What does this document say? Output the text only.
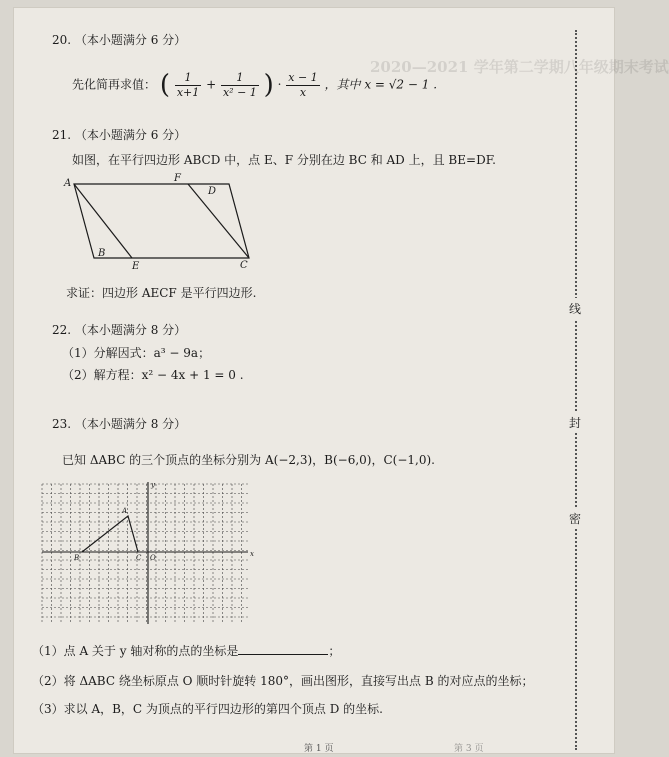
2020—2021 学年第二学期八年级期末考试
20. （本小题满分 6 分）
先化简再求值： ( $\frac{1}{x+1} + \frac{1}{\text{x² − 1}}$ ) · $\frac{x - 1}{x}$ ，其中 x = √2 − 1 .
21. （本小题满分 6 分）
如图，在平行四边形 ABCD 中，点 E、F 分别在边 BC 和 AD 上，且 BE=DF.
A	F
D
B
E	C
求证：四边形 AECF 是平行四边形.
22. （本小题满分 8 分）
（1）分解因式：a³ − 9a；
（2）解方程：x² − 4x + 1 = 0 .
23. （本小题满分 8 分）
已知 ΔABC 的三个顶点的坐标分别为 A(−2,3)，B(−6,0)，C(−1,0).
y
x
O
A
B	C
（1）点 A 关于 y 轴对称的点的坐标是	；
（2）将 ΔABC 绕坐标原点 O 顺时针旋转 180°，画出图形，直接写出点 B 的对应点的坐标；
（3）求以 A，B，C 为顶点的平行四边形的第四个顶点 D 的坐标.
线
封
密
第 1 页	第 3 页
